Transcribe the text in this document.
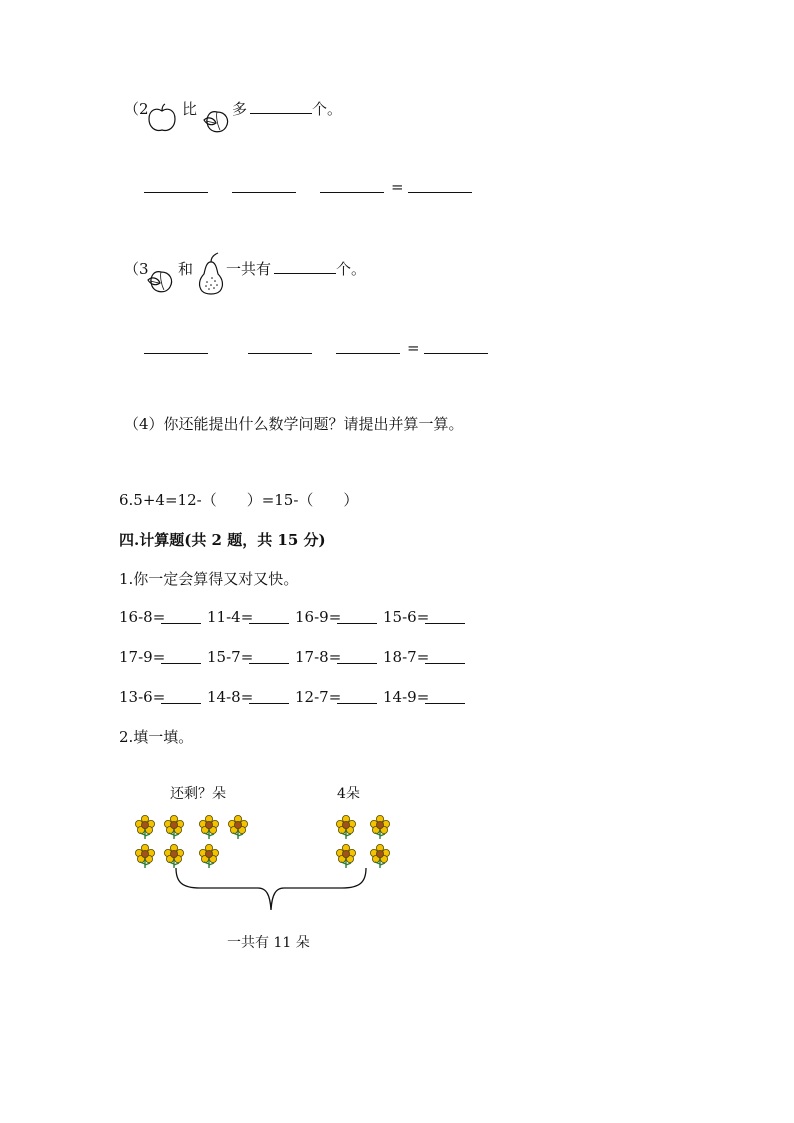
（2 比 多	个。
=
（3 和 一共有	个。
=
（4）你还能提出什么数学问题？请提出并算一算。
6.5+4=12-（　　）=15-（　　）
四.计算题(共 2 题，共 15 分)
1.你一定会算得又对又快。
16-8=	11-4=	16-9=	15-6=
17-9=	15-7=	17-8=	18-7=
13-6=	14-8=	12-7=	14-9=
2.填一填。
还剩？朵	4朵
一共有 11 朵
